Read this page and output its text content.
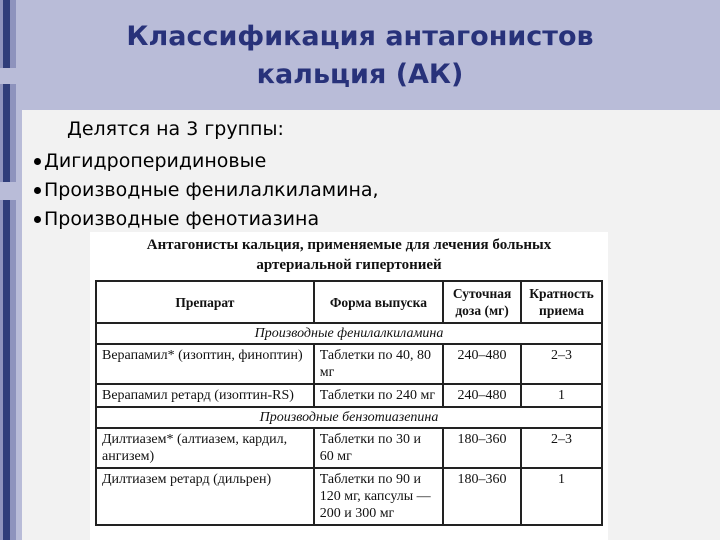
Классификация антагонистов
кальция (АК)
Делятся на 3 группы:
Дигидроперидиновые
Производные фенилалкиламина,
Производные фенотиазина
Антагонисты кальция, применяемые для лечения больных
артериальной гипертонией
Препарат	Форма выпуска	Суточная доза (мг)	Кратность приема
Производные фенилалкиламина			
Верапамил* (изоптин, финоптин)	Таблетки по 40, 80 мг	240–480	2–3
Верапамил ретард (изоптин-RS)	Таблетки по 240 мг	240–480	1
Производные бензотиазепина			
Дилтиазем* (алтиазем, кардил, ангизем)	Таблетки по 30 и 60 мг	180–360	2–3
Дилтиазем ретард (дильрен)	Таблетки по 90 и 120 мг, капсулы — 200 и 300 мг	180–360	1
